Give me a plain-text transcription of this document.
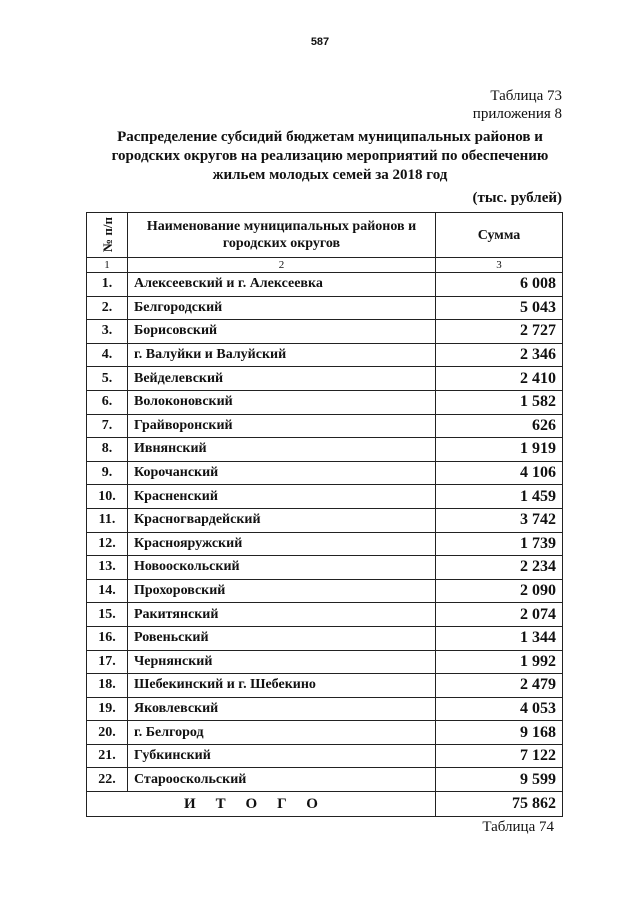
587
Таблица 73
приложения 8
Распределение субсидий бюджетам муниципальных районов и городских округов на реализацию мероприятий по обеспечению жильем молодых семей за 2018 год
(тыс. рублей)
№ п/п	Наименование муниципальных районов и городских округов	Сумма
1	2	3
1.	Алексеевский и г. Алексеевка	6 008
2.	Белгородский	5 043
3.	Борисовский	2 727
4.	г. Валуйки и Валуйский	2 346
5.	Вейделевский	2 410
6.	Волоконовский	1 582
7.	Грайворонский	626
8.	Ивнянский	1 919
9.	Корочанский	4 106
10.	Красненский	1 459
11.	Красногвардейский	3 742
12.	Краснояружский	1 739
13.	Новооскольский	2 234
14.	Прохоровский	2 090
15.	Ракитянский	2 074
16.	Ровеньский	1 344
17.	Чернянский	1 992
18.	Шебекинский и г. Шебекино	2 479
19.	Яковлевский	4 053
20.	г. Белгород	9 168
21.	Губкинский	7 122
22.	Старооскольский	9 599
ИТОГО		75 862
Таблица 74
